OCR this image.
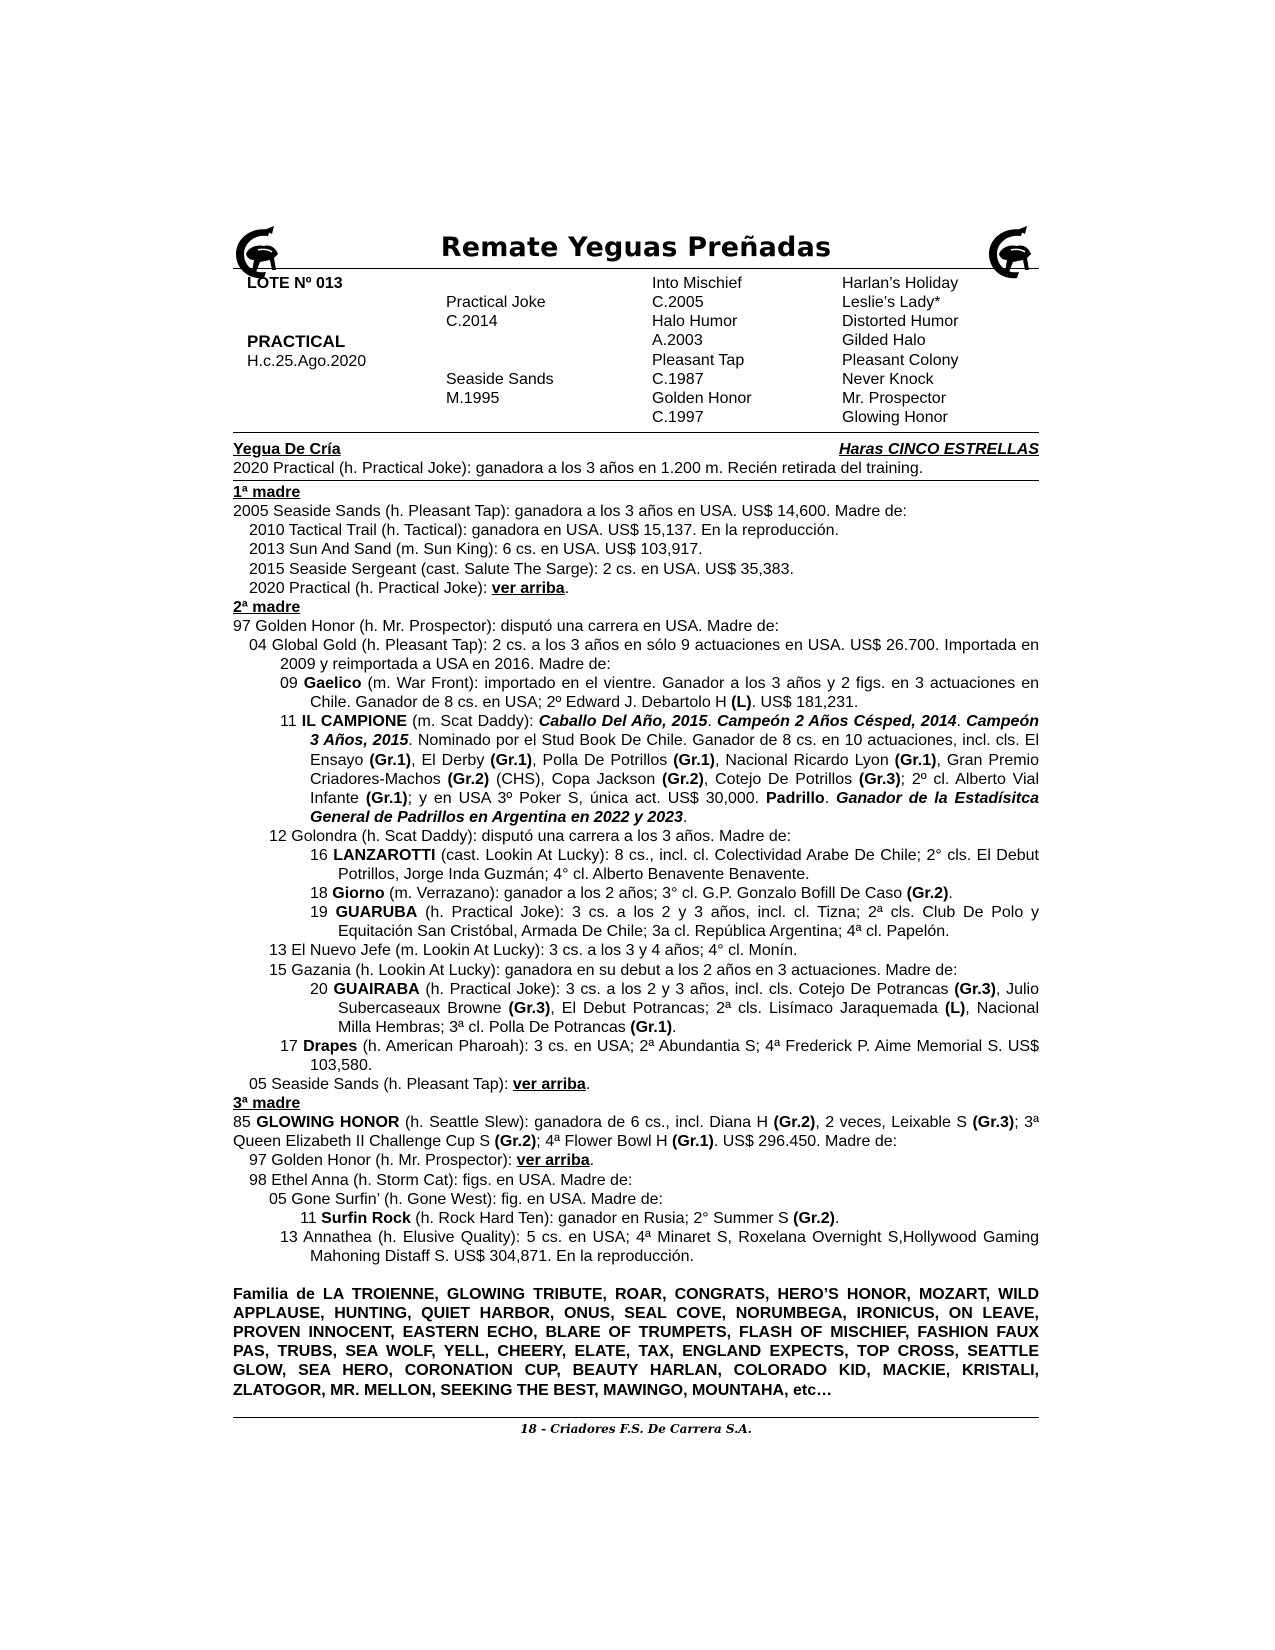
Remate Yeguas Preñadas
LOTE Nº 013
PRACTICAL
H.c.25.Ago.2020
Practical Joke
C.2014
Seaside Sands
M.1995
Into Mischief
C.2005
Halo Humor
A.2003
Pleasant Tap
C.1987
Golden Honor
C.1997
Harlan’s Holiday
Leslie’s Lady*
Distorted Humor
Gilded Halo
Pleasant Colony
Never Knock
Mr. Prospector
Glowing Honor
Yegua De Cría	Haras CINCO ESTRELLAS
2020 Practical (h. Practical Joke): ganadora a los 3 años en 1.200 m. Recién retirada del training.
1ª madre
2005 Seaside Sands (h. Pleasant Tap): ganadora a los 3 años en USA. US$ 14,600. Madre de:
2010 Tactical Trail (h. Tactical): ganadora en USA. US$ 15,137. En la reproducción.
2013 Sun And Sand (m. Sun King): 6 cs. en USA. US$ 103,917.
2015 Seaside Sergeant (cast. Salute The Sarge): 2 cs. en USA. US$ 35,383.
2020 Practical (h. Practical Joke): ver arriba.
2ª madre
97 Golden Honor (h. Mr. Prospector): disputó una carrera en USA. Madre de:
04 Global Gold (h. Pleasant Tap): 2 cs. a los 3 años en sólo 9 actuaciones en USA. US$ 26.700. Importada en 2009 y reimportada a USA en 2016. Madre de:
09 Gaelico (m. War Front): importado en el vientre. Ganador a los 3 años y 2 figs. en 3 actuaciones en Chile. Ganador de 8 cs. en USA; 2º Edward J. Debartolo H (L). US$ 181,231.
11 IL CAMPIONE (m. Scat Daddy): Caballo Del Año, 2015. Campeón 2 Años Césped, 2014. Campeón 3 Años, 2015. Nominado por el Stud Book De Chile. Ganador de 8 cs. en 10 actuaciones, incl. cls. El Ensayo (Gr.1), El Derby (Gr.1), Polla De Potrillos (Gr.1), Nacional Ricardo Lyon (Gr.1), Gran Premio Criadores-Machos (Gr.2) (CHS), Copa Jackson (Gr.2), Cotejo De Potrillos (Gr.3); 2º cl. Alberto Vial Infante (Gr.1); y en USA 3º Poker S, única act. US$ 30,000. Padrillo. Ganador de la Estadísitca General de Padrillos en Argentina en 2022 y 2023.
12 Golondra (h. Scat Daddy): disputó una carrera a los 3 años. Madre de:
16 LANZAROTTI (cast. Lookin At Lucky): 8 cs., incl. cl. Colectividad Arabe De Chile; 2° cls. El Debut Potrillos, Jorge Inda Guzmán; 4° cl. Alberto Benavente Benavente.
18 Giorno (m. Verrazano): ganador a los 2 años; 3° cl. G.P. Gonzalo Bofill De Caso (Gr.2).
19 GUARUBA (h. Practical Joke): 3 cs. a los 2 y 3 años, incl. cl. Tizna; 2ª cls. Club De Polo y Equitación San Cristóbal, Armada De Chile; 3a cl. República Argentina; 4ª cl. Papelón.
13 El Nuevo Jefe (m. Lookin At Lucky): 3 cs. a los 3 y 4 años; 4° cl. Monín.
15 Gazania (h. Lookin At Lucky): ganadora en su debut a los 2 años en 3 actuaciones. Madre de:
20 GUAIRABA (h. Practical Joke): 3 cs. a los 2 y 3 años, incl. cls. Cotejo De Potrancas (Gr.3), Julio Subercaseaux Browne (Gr.3), El Debut Potrancas; 2ª cls. Lisímaco Jaraquemada (L), Nacional Milla Hembras; 3ª cl. Polla De Potrancas (Gr.1).
17 Drapes (h. American Pharoah): 3 cs. en USA; 2ª Abundantia S; 4ª Frederick P. Aime Memorial S. US$ 103,580.
05 Seaside Sands (h. Pleasant Tap): ver arriba.
3ª madre
85 GLOWING HONOR (h. Seattle Slew): ganadora de 6 cs., incl. Diana H (Gr.2), 2 veces, Leixable S (Gr.3); 3ª Queen Elizabeth II Challenge Cup S (Gr.2); 4ª Flower Bowl H (Gr.1). US$ 296.450. Madre de:
97 Golden Honor (h. Mr. Prospector): ver arriba.
98 Ethel Anna (h. Storm Cat): figs. en USA. Madre de:
05 Gone Surfin’ (h. Gone West): fig. en USA. Madre de:
11 Surfin Rock (h. Rock Hard Ten): ganador en Rusia; 2° Summer S (Gr.2).
13 Annathea (h. Elusive Quality): 5 cs. en USA; 4ª Minaret S, Roxelana Overnight S,Hollywood Gaming Mahoning Distaff S. US$ 304,871. En la reproducción.
Familia de LA TROIENNE, GLOWING TRIBUTE, ROAR, CONGRATS, HERO’S HONOR, MOZART, WILD APPLAUSE, HUNTING, QUIET HARBOR, ONUS, SEAL COVE, NORUMBEGA, IRONICUS, ON LEAVE, PROVEN INNOCENT, EASTERN ECHO, BLARE OF TRUMPETS, FLASH OF MISCHIEF, FASHION FAUX PAS, TRUBS, SEA WOLF, YELL, CHEERY, ELATE, TAX, ENGLAND EXPECTS, TOP CROSS, SEATTLE GLOW, SEA HERO, CORONATION CUP, BEAUTY HARLAN, COLORADO KID, MACKIE, KRISTALI, ZLATOGOR, MR. MELLON, SEEKING THE BEST, MAWINGO, MOUNTAHA, etc…
18 - Criadores F.S. De Carrera S.A.
